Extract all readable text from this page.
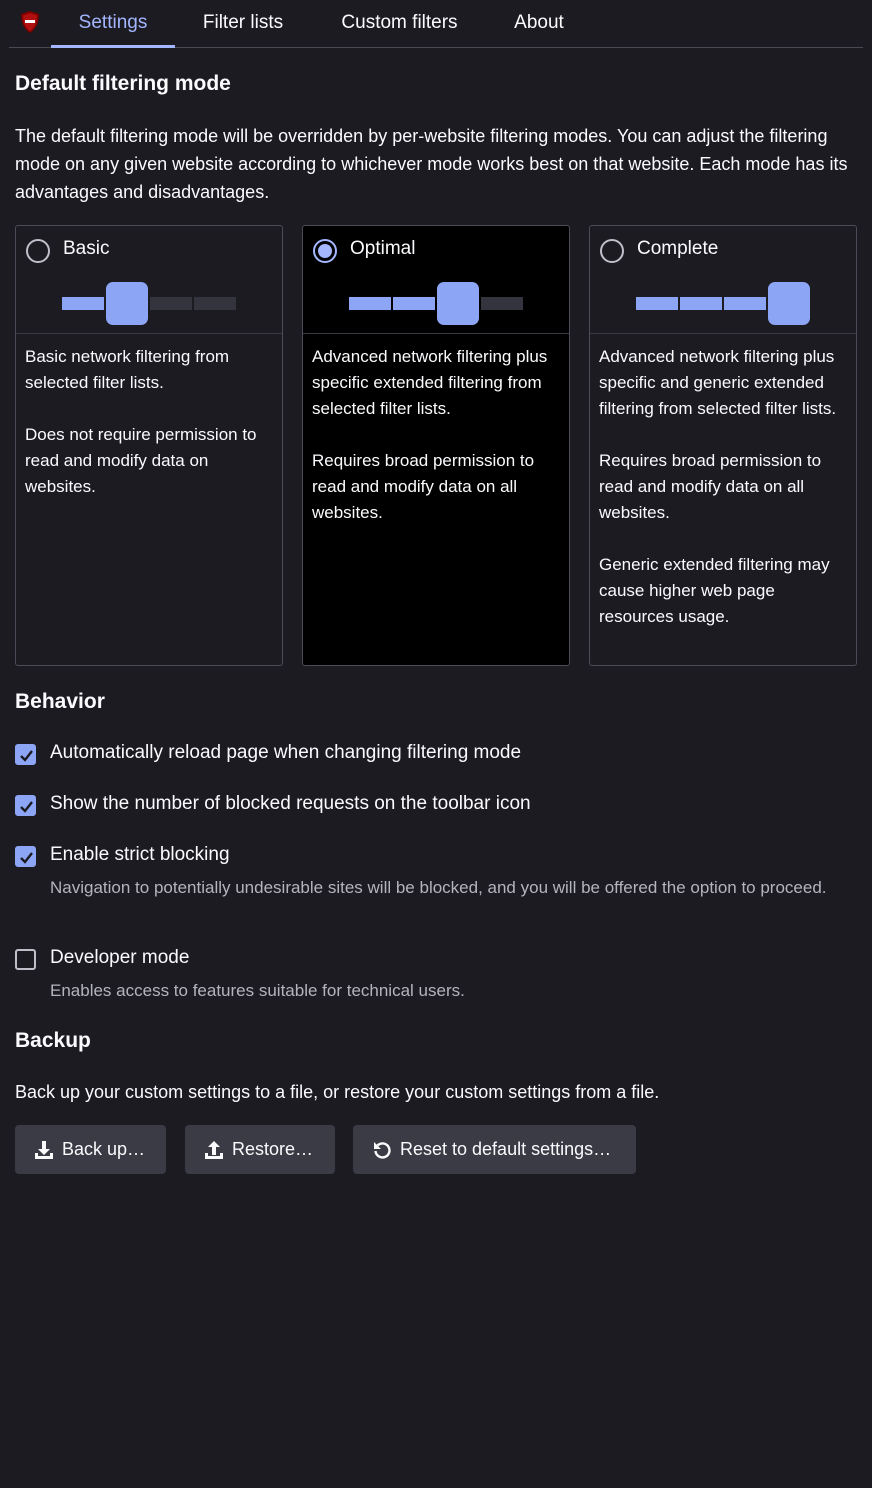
Settings	Filter lists	Custom filters	About
Default filtering mode
The default filtering mode will be overridden by per-website filtering modes. You can adjust the filtering mode on any given website according to whichever mode works best on that website. Each mode has its advantages and disadvantages.
Basic
Basic network filtering from selected filter lists.
Does not require permission to read and modify data on websites.
Optimal
Advanced network filtering plus specific extended filtering from selected filter lists.
Requires broad permission to read and modify data on all websites.
Complete
Advanced network filtering plus specific and generic extended filtering from selected filter lists.
Requires broad permission to read and modify data on all websites.
Generic extended filtering may cause higher web page resources usage.
Behavior
Automatically reload page when changing filtering mode
Show the number of blocked requests on the toolbar icon
Enable strict blocking
Navigation to potentially undesirable sites will be blocked, and you will be offered the option to proceed.
Developer mode
Enables access to features suitable for technical users.
Backup
Back up your custom settings to a file, or restore your custom settings from a file.
Back up…	Restore…	Reset to default settings…
